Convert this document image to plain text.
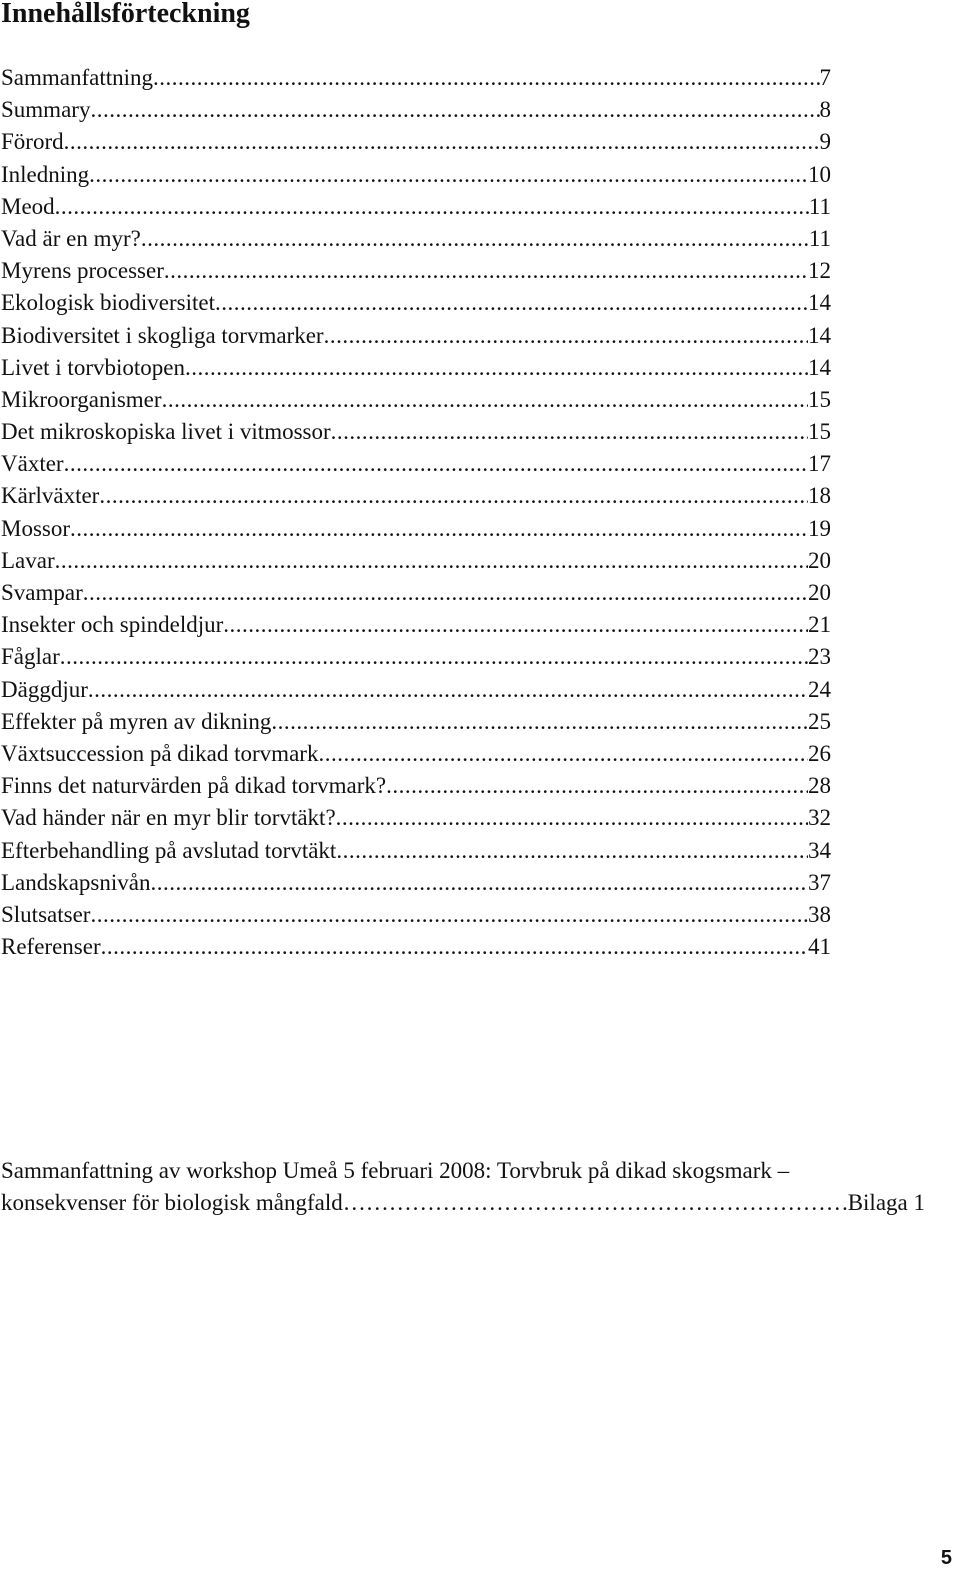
Innehållsförteckning
Sammanfattning .....	7
Summary .....	8
Förord .....	9
Inledning .....	10
Meod .....	11
Vad är en myr? .....	11
Myrens processer .....	12
Ekologisk biodiversitet .....	14
Biodiversitet i skogliga torvmarker .....	14
Livet i torvbiotopen .....	14
Mikroorganismer .....	15
Det mikroskopiska livet i vitmossor .....	15
Växter .....	17
Kärlväxter .....	18
Mossor .....	19
Lavar .....	20
Svampar .....	20
Insekter och spindeldjur .....	21
Fåglar .....	23
Däggdjur .....	24
Effekter på myren av dikning .....	25
Växtsuccession på dikad torvmark .....	26
Finns det naturvärden på dikad torvmark? .....	28
Vad händer när en myr blir torvtäkt? .....	32
Efterbehandling på avslutad torvtäkt .....	34
Landskapsnivån .....	37
Slutsatser .....	38
Referenser .....	41
Sammanfattning av workshop Umeå 5 februari 2008: Torvbruk på dikad skogsmark –
konsekvenser för biologisk mångfald …………………………………………………………………………………………………………………………………………	Bilaga 1
5
